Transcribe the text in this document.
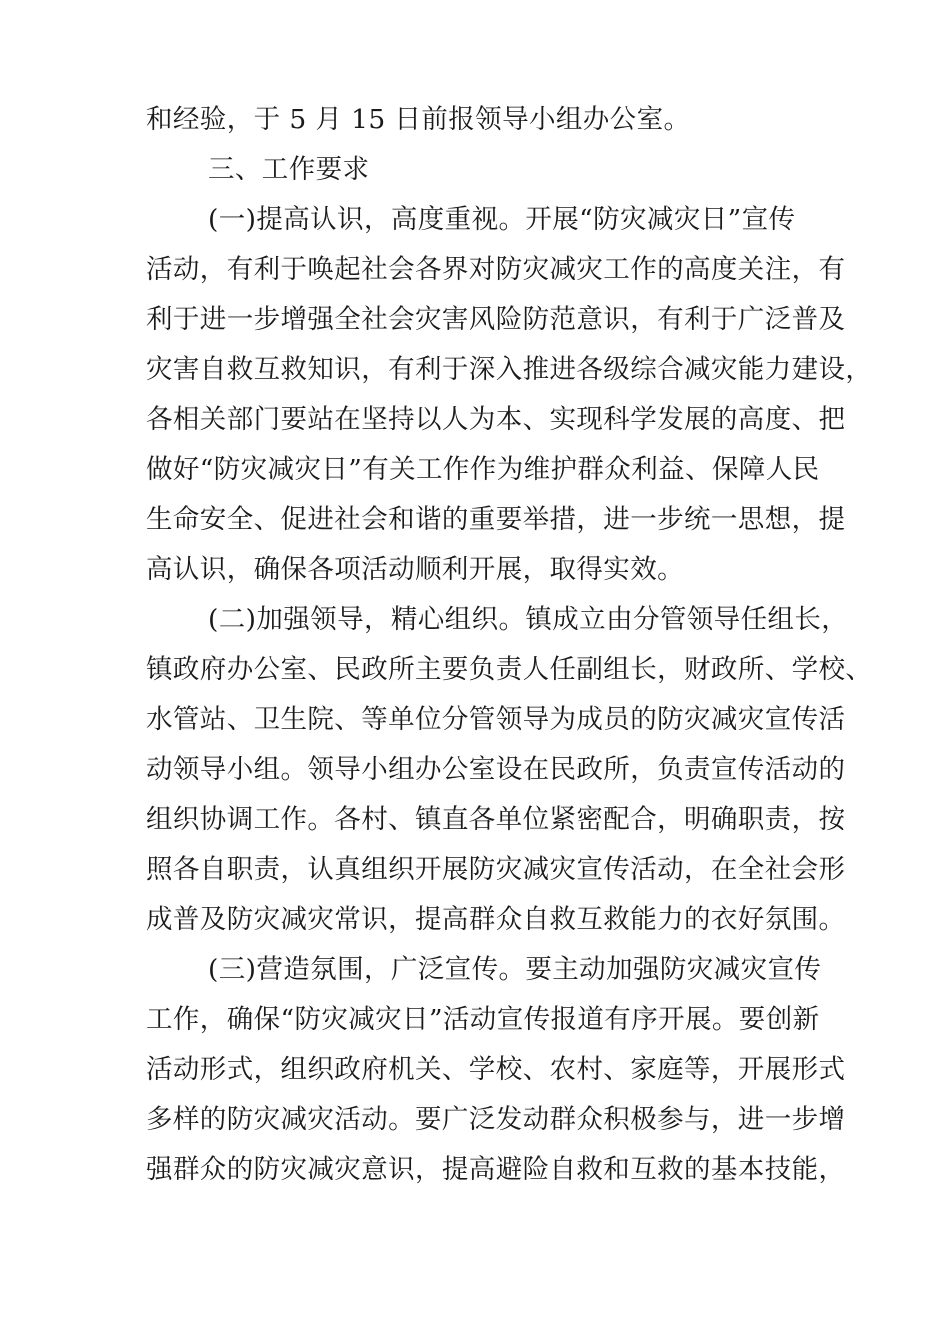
和经验，于 5 月 15 日前报领导小组办公室。
三、工作要求
(一)提高认识，高度重视。开展“防灾减灾日”宣传
活动，有利于唤起社会各界对防灾减灾工作的高度关注，有
利于进一步增强全社会灾害风险防范意识，有利于广泛普及
灾害自救互救知识，有利于深入推进各级综合减灾能力建设，
各相关部门要站在坚持以人为本、实现科学发展的高度、把
做好“防灾减灾日”有关工作作为维护群众利益、保障人民
生命安全、促进社会和谐的重要举措，进一步统一思想，提
高认识，确保各项活动顺利开展，取得实效。
(二)加强领导，精心组织。镇成立由分管领导任组长，
镇政府办公室、民政所主要负责人任副组长，财政所、学校、
水管站、卫生院、等单位分管领导为成员的防灾减灾宣传活
动领导小组。领导小组办公室设在民政所，负责宣传活动的
组织协调工作。各村、镇直各单位紧密配合，明确职责，按
照各自职责，认真组织开展防灾减灾宣传活动，在全社会形
成普及防灾减灾常识，提高群众自救互救能力的衣好氛围。
(三)营造氛围，广泛宣传。要主动加强防灾减灾宣传
工作，确保“防灾减灾日”活动宣传报道有序开展。要创新
活动形式，组织政府机关、学校、农村、家庭等，开展形式
多样的防灾减灾活动。要广泛发动群众积极参与，进一步增
强群众的防灾减灾意识，提高避险自救和互救的基本技能，
